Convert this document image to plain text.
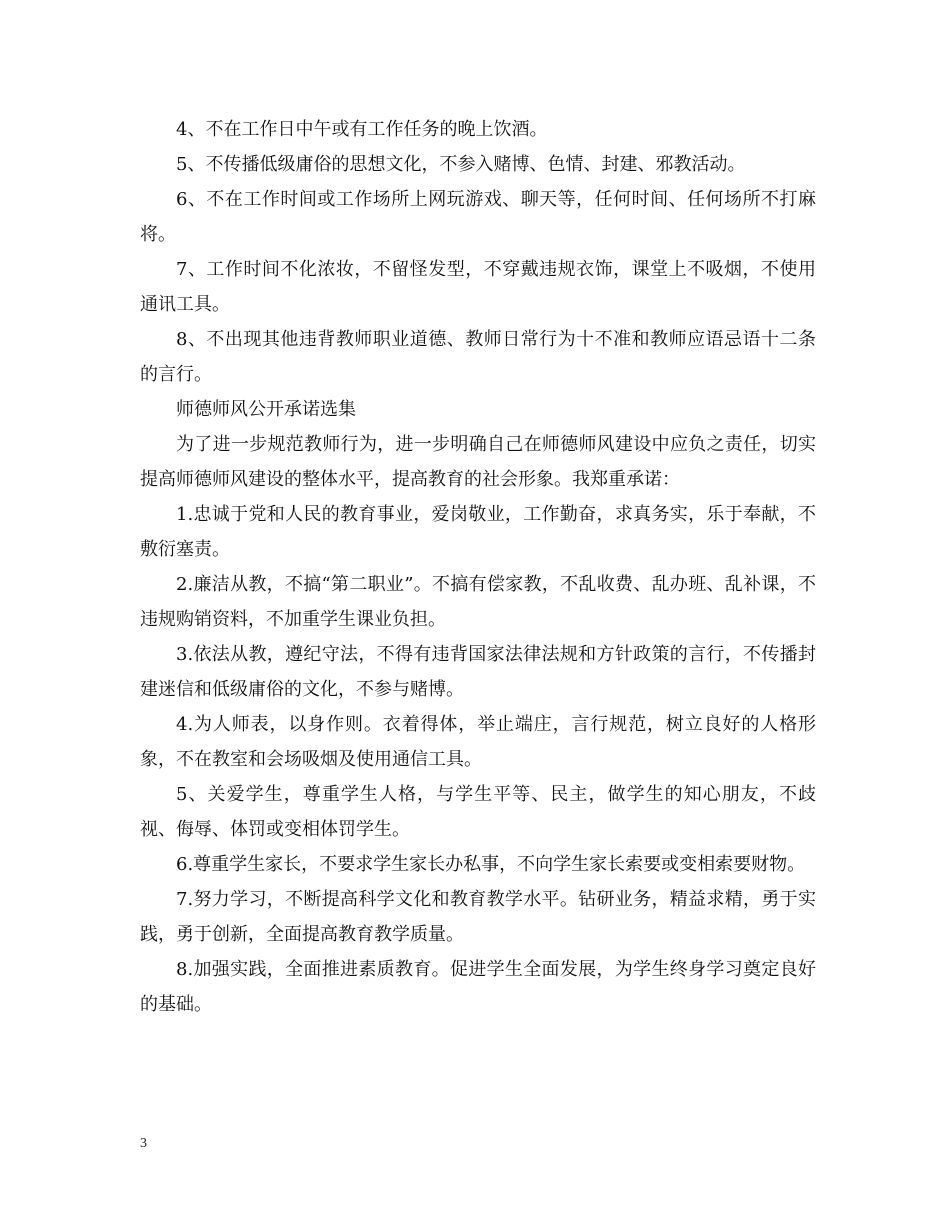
4、不在工作日中午或有工作任务的晚上饮酒。

5、不传播低级庸俗的思想文化，不参入赌博、色情、封建、邪教活动。

6、不在工作时间或工作场所上网玩游戏、聊天等，任何时间、任何场所不打麻将。

7、工作时间不化浓妆，不留怪发型，不穿戴违规衣饰，课堂上不吸烟，不使用通讯工具。

8、不出现其他违背教师职业道德、教师日常行为十不准和教师应语忌语十二条的言行。

师德师风公开承诺选集

为了进一步规范教师行为，进一步明确自己在师德师风建设中应负之责任，切实提高师德师风建设的整体水平，提高教育的社会形象。我郑重承诺：

1.忠诚于党和人民的教育事业，爱岗敬业，工作勤奋，求真务实，乐于奉献，不敷衍塞责。

2.廉洁从教，不搞“第二职业”。不搞有偿家教，不乱收费、乱办班、乱补课，不违规购销资料，不加重学生课业负担。

3.依法从教，遵纪守法，不得有违背国家法律法规和方针政策的言行，不传播封建迷信和低级庸俗的文化，不参与赌博。

4.为人师表，以身作则。衣着得体，举止端庄，言行规范，树立良好的人格形象，不在教室和会场吸烟及使用通信工具。

5、关爱学生，尊重学生人格，与学生平等、民主，做学生的知心朋友，不歧视、侮辱、体罚或变相体罚学生。

6.尊重学生家长，不要求学生家长办私事，不向学生家长索要或变相索要财物。

7.努力学习，不断提高科学文化和教育教学水平。钻研业务，精益求精，勇于实践，勇于创新，全面提高教育教学质量。

8.加强实践，全面推进素质教育。促进学生全面发展，为学生终身学习奠定良好的基础。

3
